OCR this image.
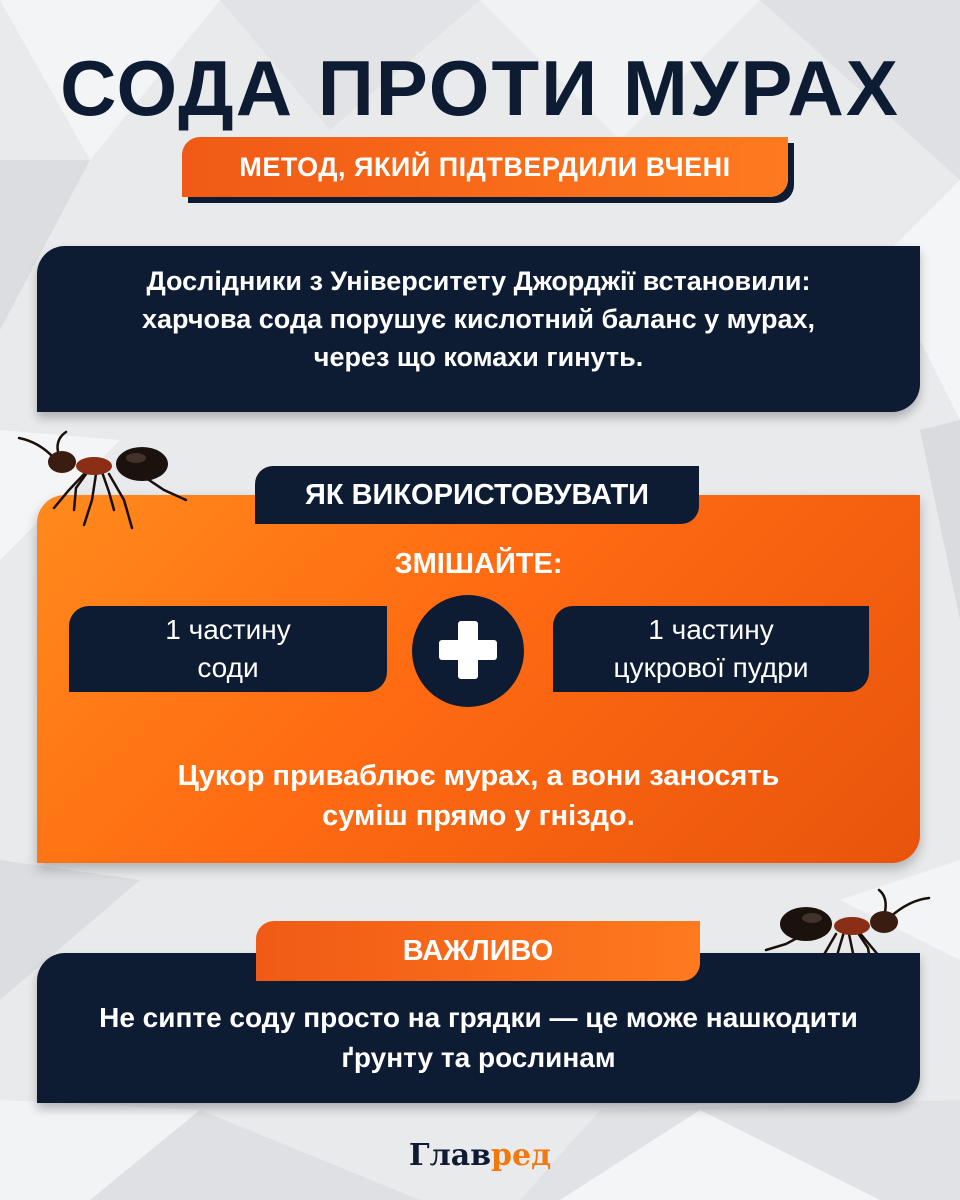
СОДА ПРОТИ МУРАХ
МЕТОД, ЯКИЙ ПІДТВЕРДИЛИ ВЧЕНІ
Дослідники з Університету Джорджії встановили:
харчова сода порушує кислотний баланс у мурах,
через що комахи гинуть.
ЯК ВИКОРИСТОВУВАТИ
ЗМІШАЙТЕ:
1 частину
соди
1 частину
цукрової пудри
Цукор приваблює мурах, а вони заносять
суміш прямо у гніздо.
ВАЖЛИВО
Не сипте соду просто на грядки — це може нашкодити
ґрунту та рослинам
Главред
